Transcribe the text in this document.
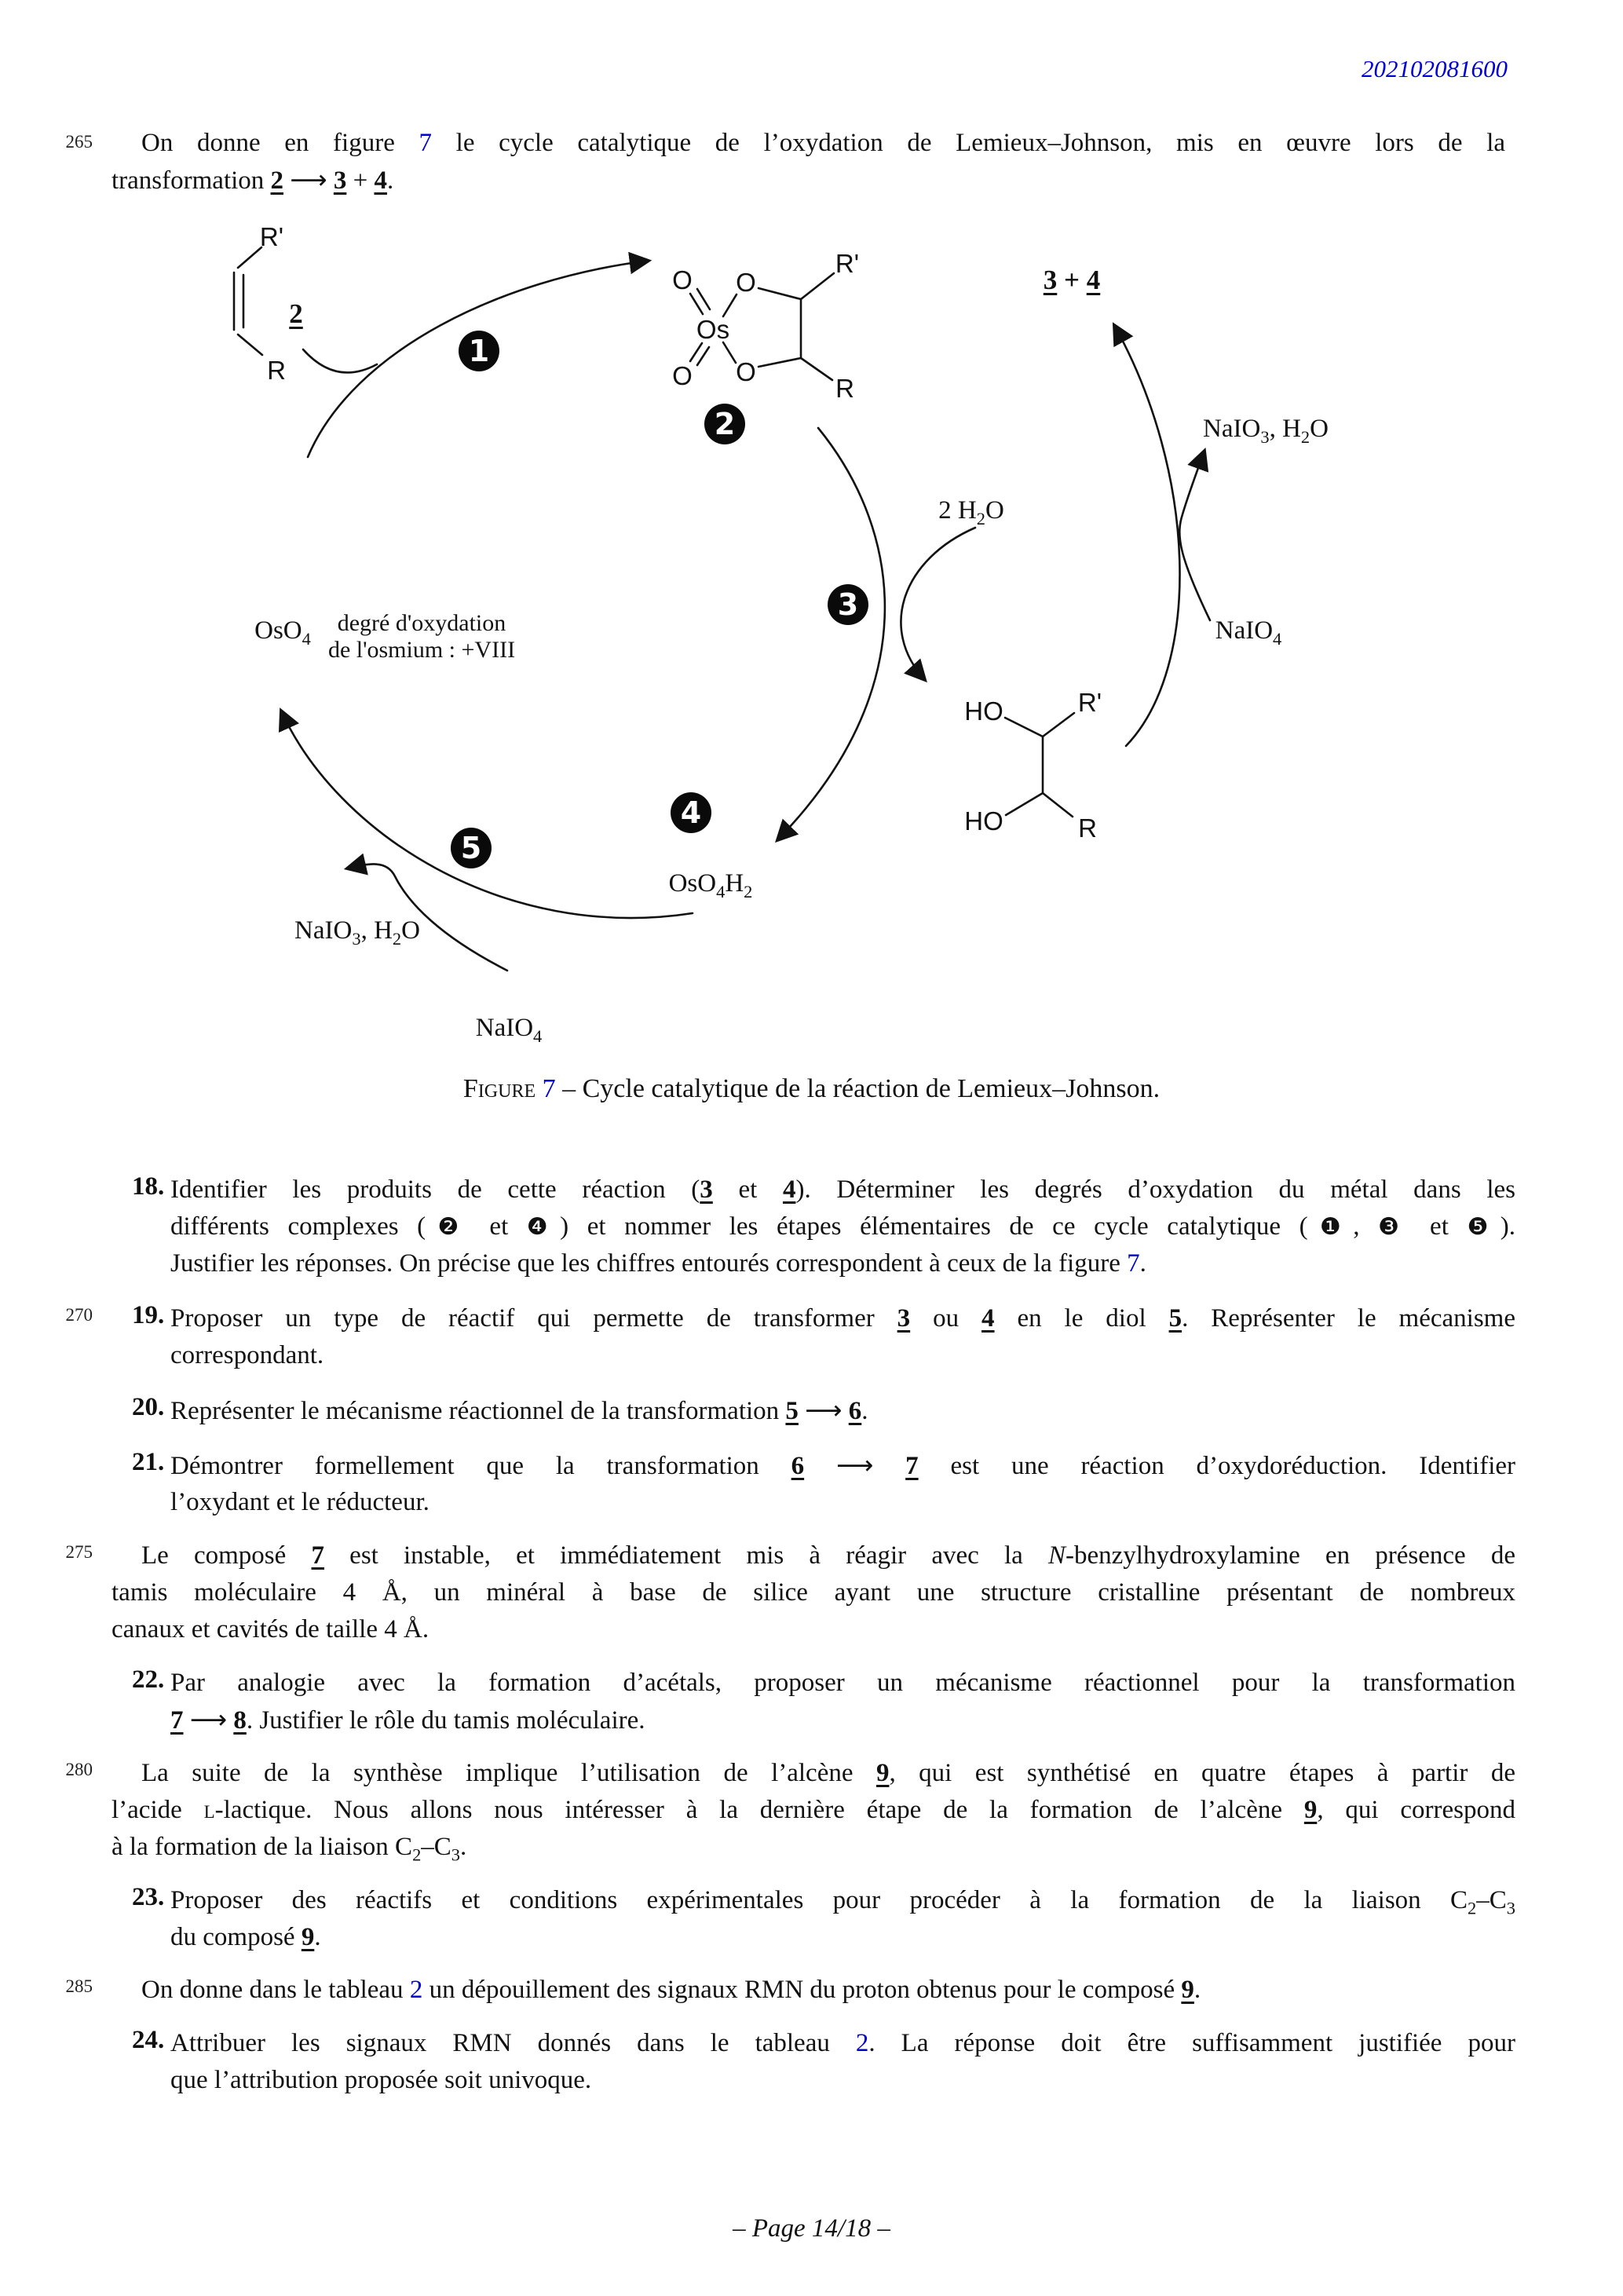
202102081600
265
270
275
280
285
On donne en figure 7 le cycle catalytique de l’oxydation de Lemieux–Johnson, mis en œuvre lors de la
transformation 2 ⟶ 3 + 4.
1
2
3
4
5
R'
R
O O
Os
O
O
R'
R
HO	R'
HO	R
2
3 + 4
NaIO$_3$, $H_2O$
2 $H_2O$
NaIO$_4$
OsO$_4$
degré d'oxydation
de l'osmium : +VIII
$OsO_4H_2$
NaIO$_3$, $H_2O$
NaIO$_4$
Figure 7 – Cycle catalytique de la réaction de Lemieux–Johnson.
18. Identifier les produits de cette réaction (3 et 4). Déterminer les degrés d’oxydation du métal dans les
différents complexes (❷ et ❹) et nommer les étapes élémentaires de ce cycle catalytique (❶, ❸ et ❺).
Justifier les réponses. On précise que les chiffres entourés correspondent à ceux de la figure 7.
19. Proposer un type de réactif qui permette de transformer 3 ou 4 en le diol 5. Représenter le mécanisme
correspondant.
20. Représenter le mécanisme réactionnel de la transformation 5 ⟶ 6.
21. Démontrer formellement que la transformation 6 ⟶ 7 est une réaction d’oxydoréduction. Identifier
l’oxydant et le réducteur.
Le composé 7 est instable, et immédiatement mis à réagir avec la N-benzylhydroxylamine en présence de
tamis moléculaire 4 Å, un minéral à base de silice ayant une structure cristalline présentant de nombreux
canaux et cavités de taille 4 Å.
22. Par analogie avec la formation d’acétals, proposer un mécanisme réactionnel pour la transformation
7 ⟶ 8. Justifier le rôle du tamis moléculaire.
La suite de la synthèse implique l’utilisation de l’alcène 9, qui est synthétisé en quatre étapes à partir de
l’acide l-lactique. Nous allons nous intéresser à la dernière étape de la formation de l’alcène 9, qui correspond
à la formation de la liaison $C_2-C_3$.
23. Proposer des réactifs et conditions expérimentales pour procéder à la formation de la liaison $C_2-C_3$
du composé 9.
On donne dans le tableau 2 un dépouillement des signaux RMN du proton obtenus pour le composé 9.
24. Attribuer les signaux RMN donnés dans le tableau 2. La réponse doit être suffisamment justifiée pour
que l’attribution proposée soit univoque.
– Page 14/18 –
